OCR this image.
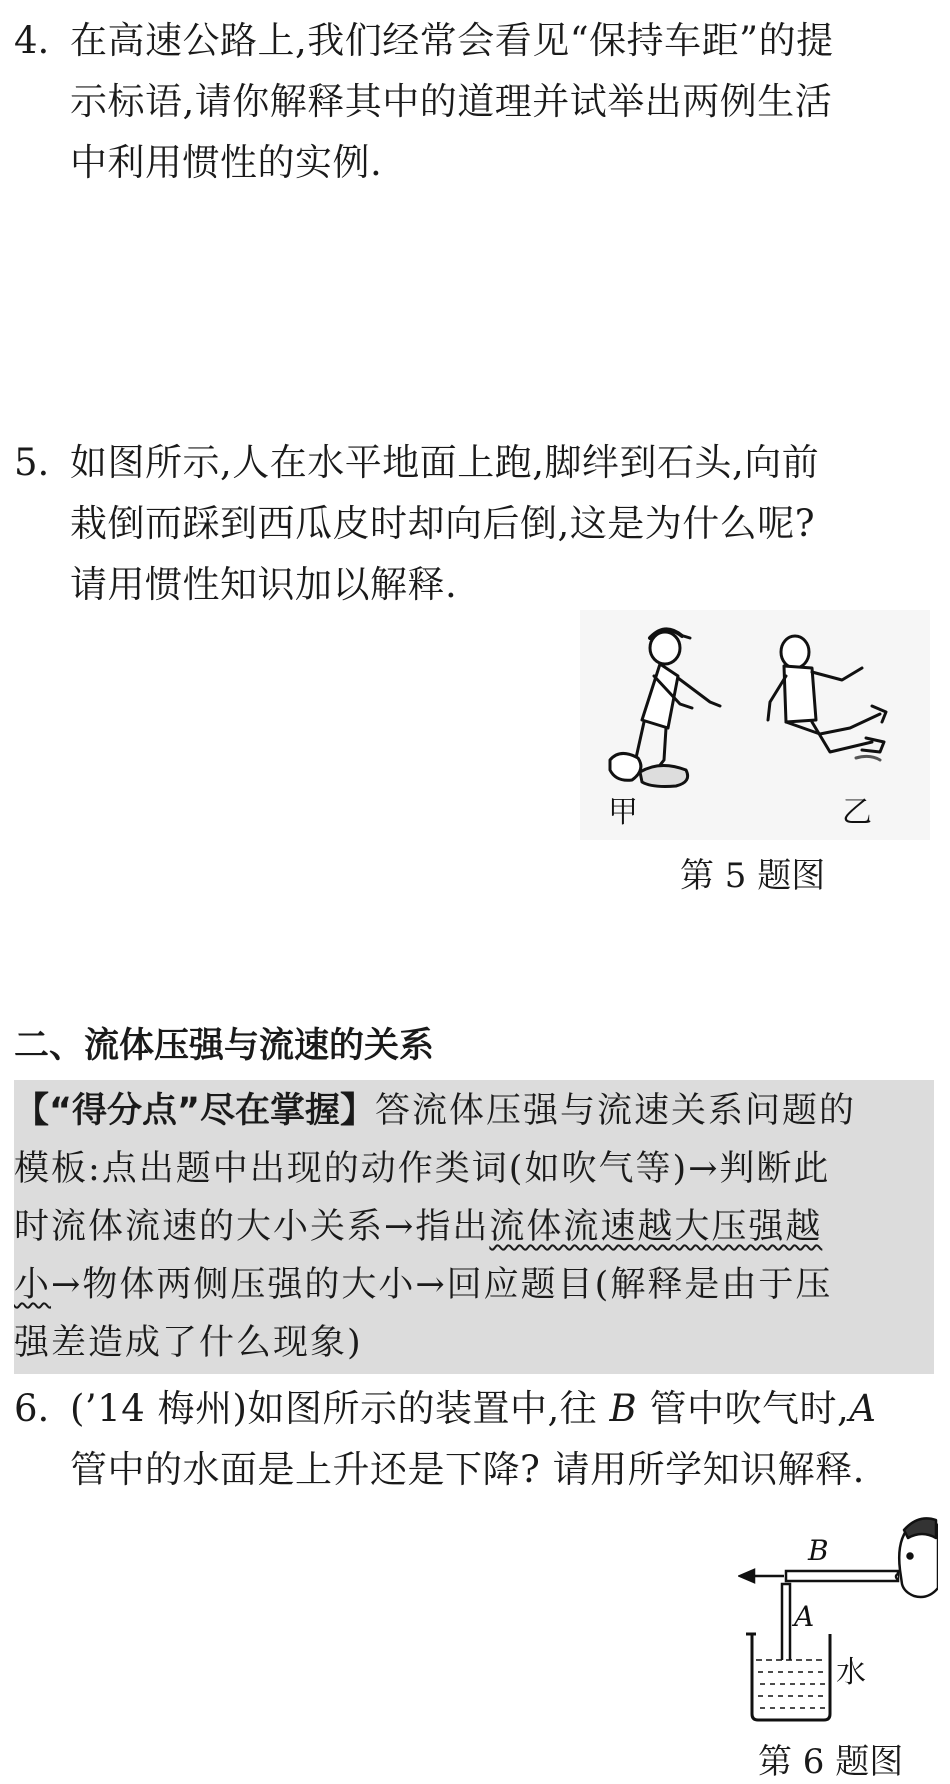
4. 在高速公路上,我们经常会看见“保持车距”的提
示标语,请你解释其中的道理并试举出两例生活
中利用惯性的实例.
5. 如图所示,人在水平地面上跑,脚绊到石头,向前
栽倒而踩到西瓜皮时却向后倒,这是为什么呢?
请用惯性知识加以解释.
甲	乙
第 5 题图
二、流体压强与流速的关系
【“得分点”尽在掌握】答流体压强与流速关系问题的
模板:点出题中出现的动作类词(如吹气等)→判断此
时流体流速的大小关系→指出流体流速越大压强越
小→物体两侧压强的大小→回应题目(解释是由于压
强差造成了什么现象)
6. (’14 梅州)如图所示的装置中,往 B 管中吹气时,A
管中的水面是上升还是下降? 请用所学知识解释.
B
A
水
第 6 题图
